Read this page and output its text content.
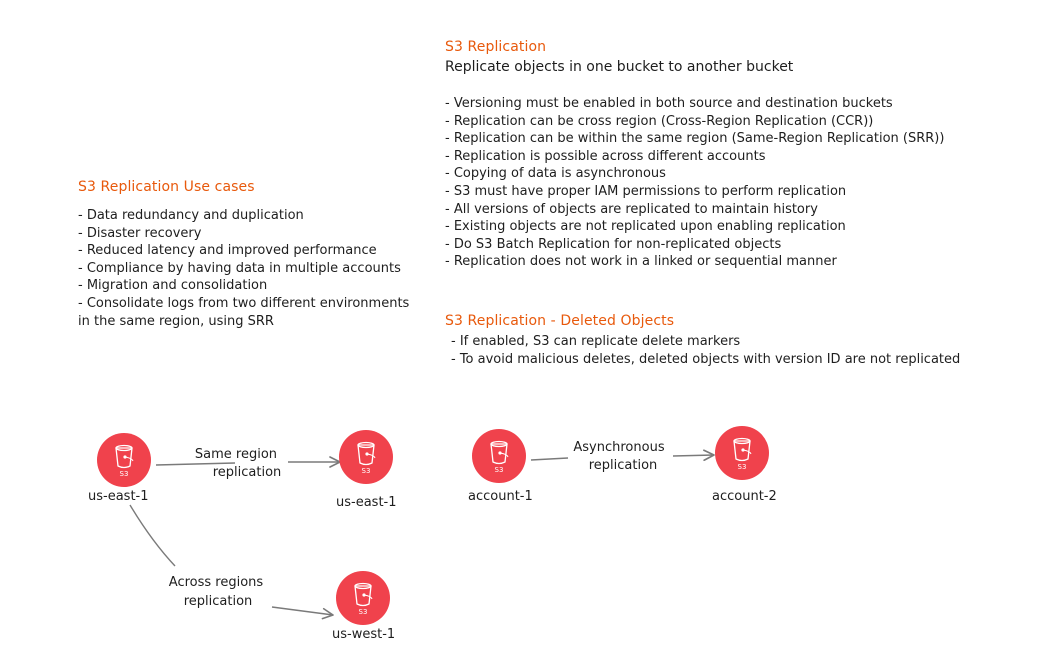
S3 Replication
Replicate objects in one bucket to another bucket
- Versioning must be enabled in both source and destination buckets
- Replication can be cross region (Cross-Region Replication (CCR))
- Replication can be within the same region (Same-Region Replication (SRR))
- Replication is possible across different accounts
- Copying of data is asynchronous
- S3 must have proper IAM permissions to perform replication
- All versions of objects are replicated to maintain history
- Existing objects are not replicated upon enabling replication
- Do S3 Batch Replication for non-replicated objects
- Replication does not work in a linked or sequential manner
S3 Replication Use cases
- Data redundancy and duplication
- Disaster recovery
- Reduced latency and improved performance
- Compliance by having data in multiple accounts
- Migration and consolidation
- Consolidate logs from two different environments
in the same region, using SRR	S3 Replication - Deleted Objects
- If enabled, S3 can replicate delete markers
- To avoid malicious deletes, deleted objects with version ID are not replicated
Same region
replication
Across regions
replication
Asynchronous
replication
S3
us-east-1
S3
us-east-1
S3
us-west-1
S3
account-1
S3
account-2
